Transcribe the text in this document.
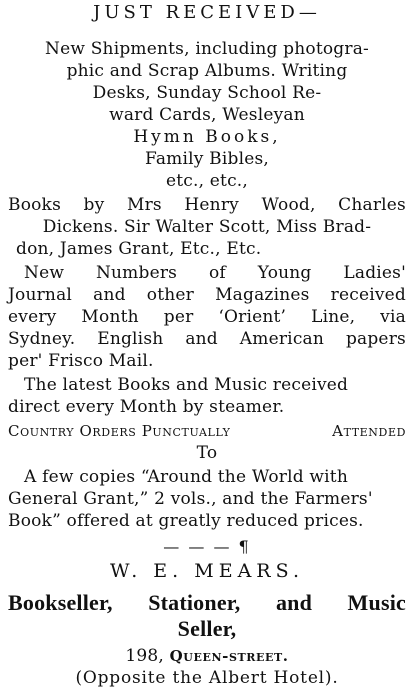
JUST RECEIVED—
New Shipments, including photogra-
phic and Scrap Albums. Writing
Desks, Sunday School Re-
ward Cards, Wesleyan
Hymn Books,
Family Bibles,
etc., etc.,
Books by Mrs Henry Wood, Charles
Dickens. Sir Walter Scott, Miss Brad-
don, James Grant, Etc., Etc.
New Numbers of Young Ladies'
Journal and other Magazines received
every Month per ‘Orient’ Line, via
Sydney. English and American papers
per' Frisco Mail.
The latest Books and Music received
direct every Month by steamer.
Country Orders Punctually	Attended
To
A few copies “Around the World with
General Grant,” 2 vols., and the Farmers'
Book” offered at greatly reduced prices.
— — — ¶
W. E. MEARS.
Bookseller, Stationer, and Music
Seller,
198, Queen-street.
(Opposite the Albert Hotel).
